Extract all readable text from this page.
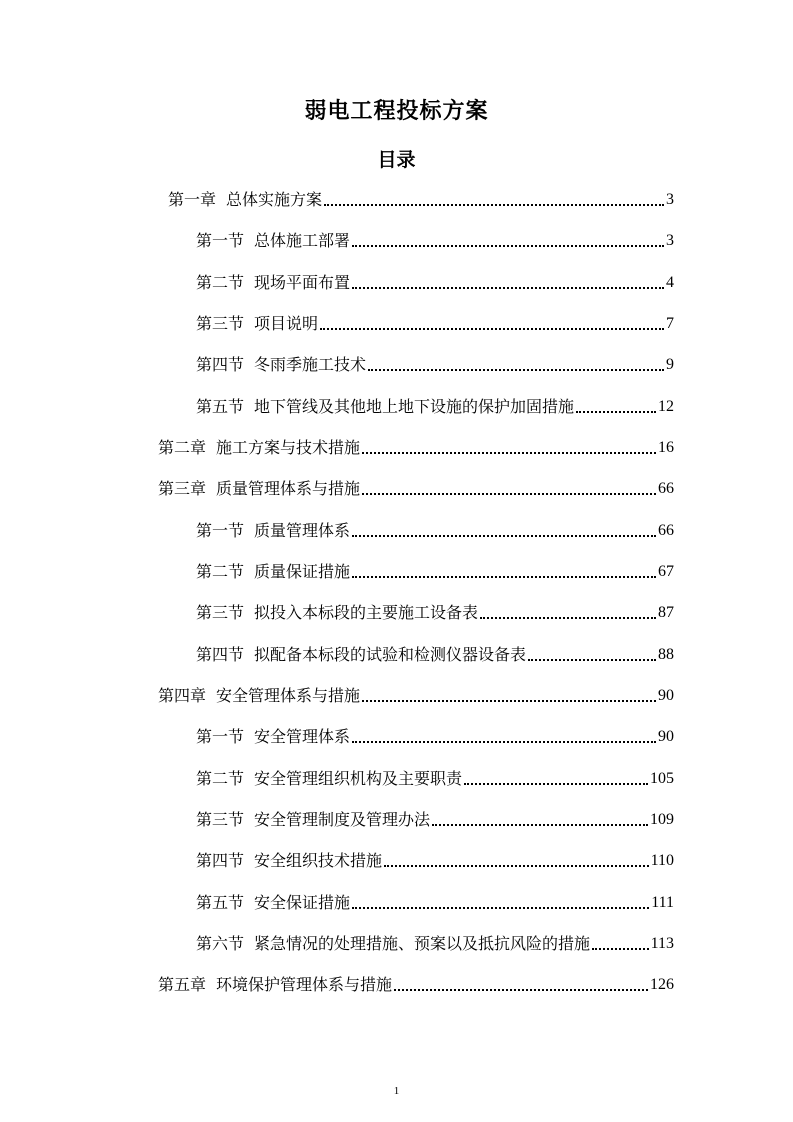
弱电工程投标方案
目录
第一章 总体实施方案	3
第一节 总体施工部署	3
第二节 现场平面布置	4
第三节 项目说明	7
第四节 冬雨季施工技术	9
第五节 地下管线及其他地上地下设施的保护加固措施	12
第二章 施工方案与技术措施	16
第三章 质量管理体系与措施	66
第一节 质量管理体系	66
第二节 质量保证措施	67
第三节 拟投入本标段的主要施工设备表	87
第四节 拟配备本标段的试验和检测仪器设备表	88
第四章 安全管理体系与措施	90
第一节 安全管理体系	90
第二节 安全管理组织机构及主要职责	105
第三节 安全管理制度及管理办法	109
第四节 安全组织技术措施	110
第五节 安全保证措施	111
第六节 紧急情况的处理措施、预案以及抵抗风险的措施	113
第五章 环境保护管理体系与措施	126
1
